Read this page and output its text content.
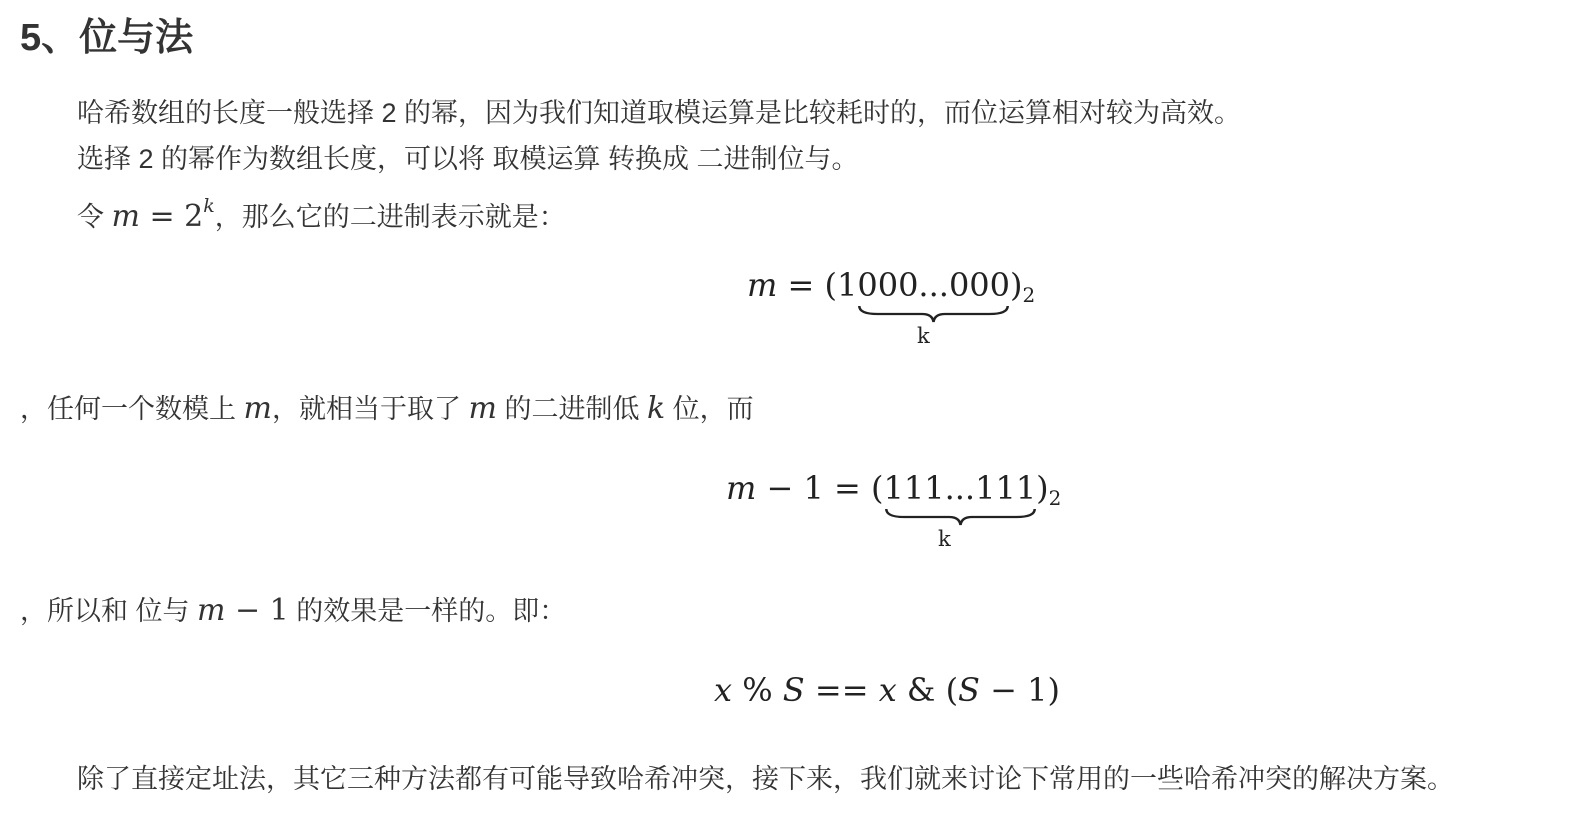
5、位与法
哈希数组的长度一般选择 2 的幂，因为我们知道取模运算是比较耗时的，而位运算相对较为高效。
选择 2 的幂作为数组长度，可以将 取模运算 转换成 二进制位与。
令 $m = 2^k$，那么它的二进制表示就是：
m = (1000...000
)$_2$
k
，任何一个数模上 m，就相当于取了 m 的二进制低 k 位，而
m − 1 = (111...111
)$_2$
k
，所以和 位与 m − 1 的效果是一样的。即：
x % S == x & (S − 1)
除了直接定址法，其它三种方法都有可能导致哈希冲突，接下来，我们就来讨论下常用的一些哈希冲突的解决方案。
